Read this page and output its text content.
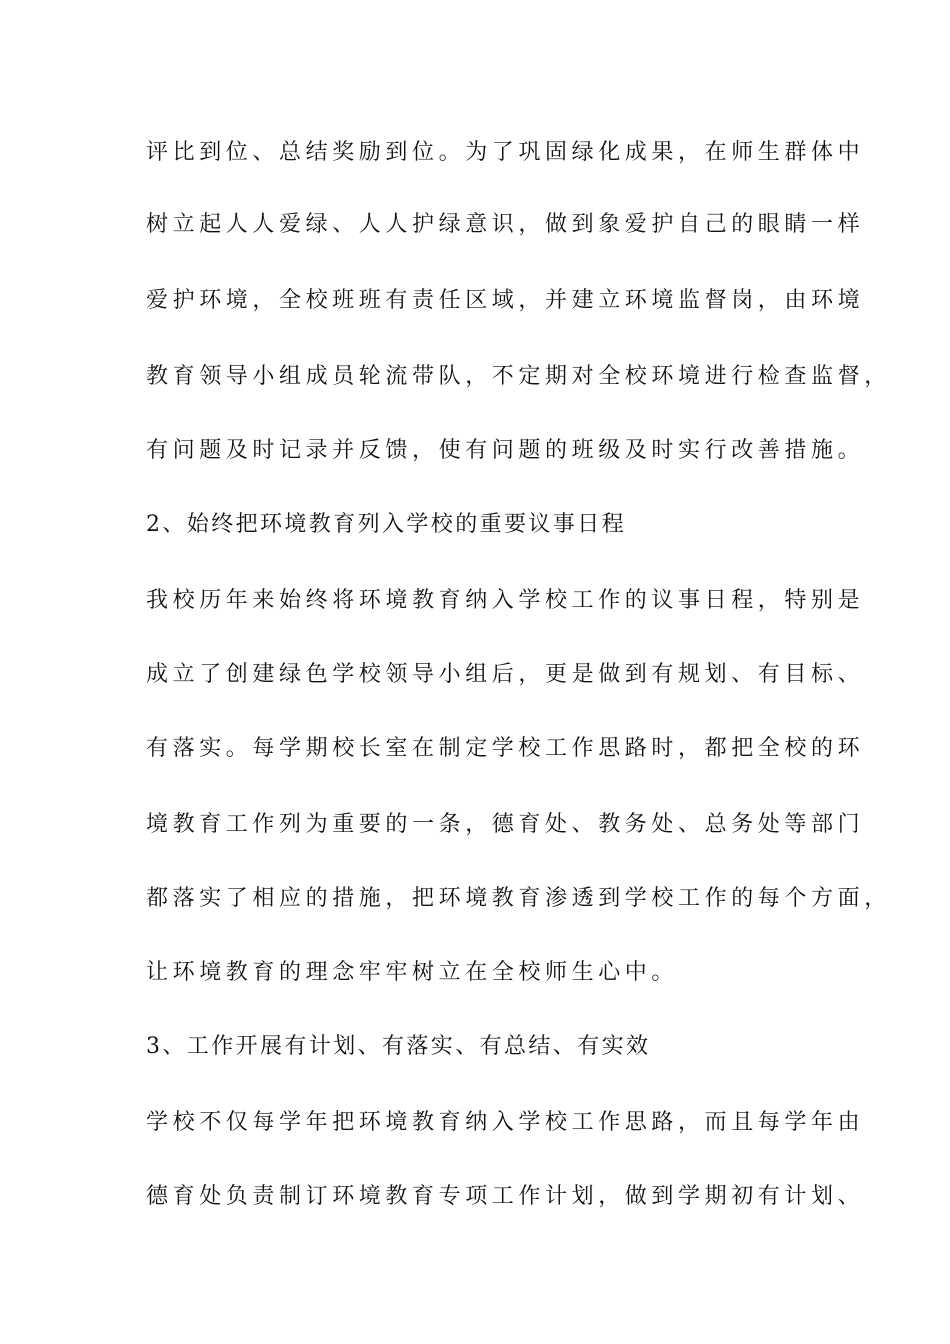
评比到位、总结奖励到位。为了巩固绿化成果，在师生群体中
树立起人人爱绿、人人护绿意识，做到象爱护自己的眼睛一样
爱护环境，全校班班有责任区域，并建立环境监督岗，由环境
教育领导小组成员轮流带队，不定期对全校环境进行检查监督，
有问题及时记录并反馈，使有问题的班级及时实行改善措施。
2、始终把环境教育列入学校的重要议事日程
我校历年来始终将环境教育纳入学校工作的议事日程，特别是
成立了创建绿色学校领导小组后，更是做到有规划、有目标、
有落实。每学期校长室在制定学校工作思路时，都把全校的环
境教育工作列为重要的一条，德育处、教务处、总务处等部门
都落实了相应的措施，把环境教育渗透到学校工作的每个方面，
让环境教育的理念牢牢树立在全校师生心中。
3、工作开展有计划、有落实、有总结、有实效
学校不仅每学年把环境教育纳入学校工作思路，而且每学年由
德育处负责制订环境教育专项工作计划，做到学期初有计划、
